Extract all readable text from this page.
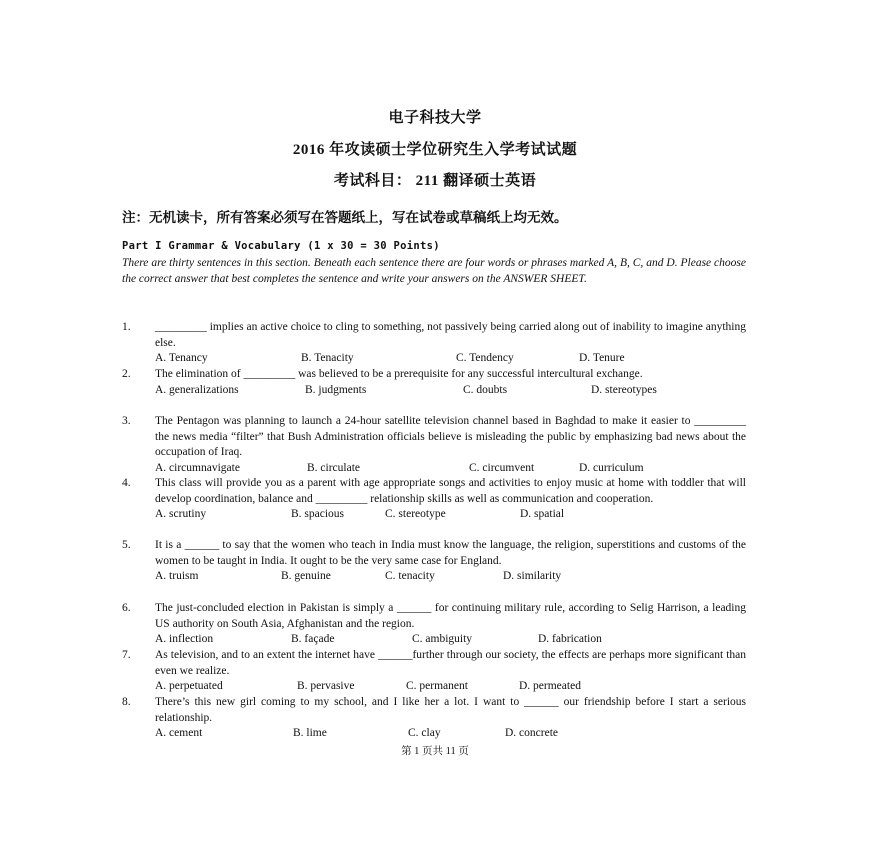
电子科技大学
2016 年攻读硕士学位研究生入学考试试题
考试科目： 211 翻译硕士英语
注：无机读卡，所有答案必须写在答题纸上，写在试卷或草稿纸上均无效。
Part I Grammar & Vocabulary (1 x 30 = 30 Points)
There are thirty sentences in this section. Beneath each sentence there are four words or phrases marked A, B, C, and D. Please choose the correct answer that best completes the sentence and write your answers on the ANSWER SHEET.
1.	_________ implies an active choice to cling to something, not passively being carried along out of inability to imagine anything else.
A. Tenancy	B. Tenacity	C. Tendency	D. Tenure
2.	The elimination of _________ was believed to be a prerequisite for any successful intercultural exchange.
A. generalizations	B. judgments	C. doubts	D. stereotypes
3.	The Pentagon was planning to launch a 24-hour satellite television channel based in Baghdad to make it easier to _________ the news media “filter” that Bush Administration officials believe is misleading the public by emphasizing bad news about the occupation of Iraq.
A. circumnavigate	B. circulate	C. circumvent	D. curriculum
4.	This class will provide you as a parent with age appropriate songs and activities to enjoy music at home with toddler that will develop coordination, balance and _________ relationship skills as well as communication and cooperation.
A. scrutiny	B. spacious	C. stereotype	D. spatial
5.	It is a ______ to say that the women who teach in India must know the language, the religion, superstitions and customs of the women to be taught in India. It ought to be the very same case for England.
A. truism	B. genuine	C. tenacity	D. similarity
6.	The just-concluded election in Pakistan is simply a ______ for continuing military rule, according to Selig Harrison, a leading US authority on South Asia, Afghanistan and the region.
A. inflection	B. façade	C. ambiguity	D. fabrication
7.	As television, and to an extent the internet have ______further through our society, the effects are perhaps more significant than even we realize.
A. perpetuated	B. pervasive	C. permanent	D. permeated
8.	There’s this new girl coming to my school, and I like her a lot. I want to ______ our friendship before I start a serious relationship.
A. cement	B. lime	C. clay	D. concrete
第 1 页共 11 页
